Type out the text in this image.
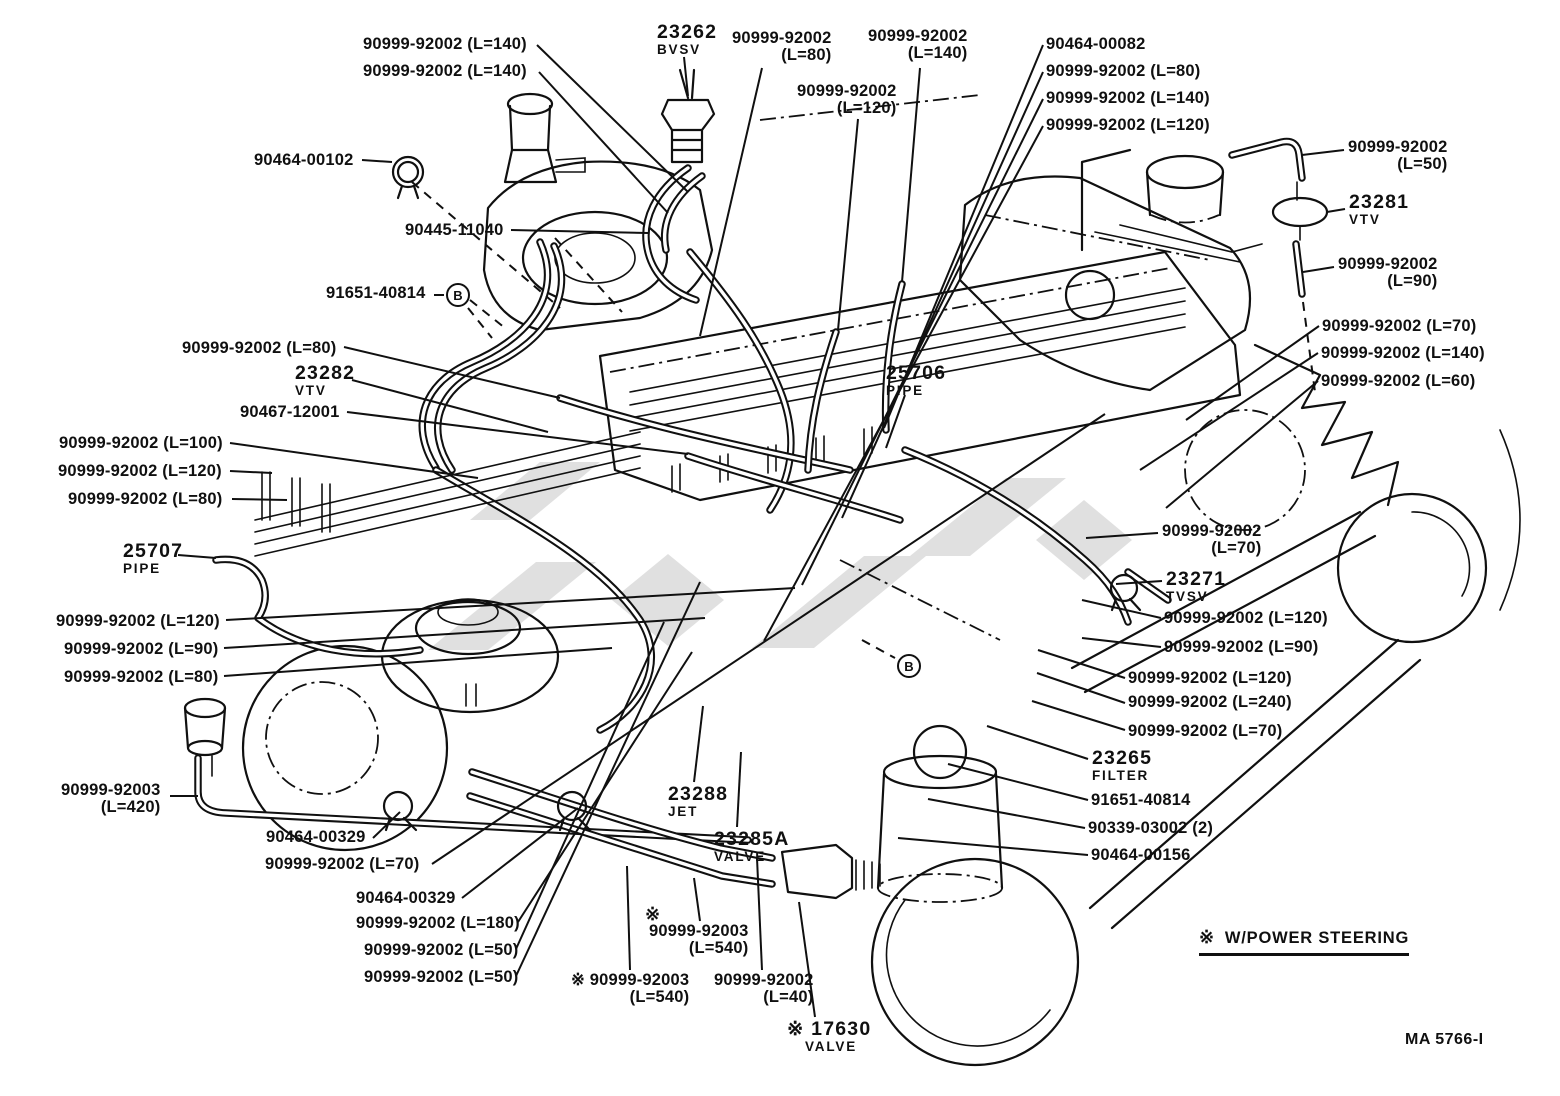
90999-92002 (L=140)
90999-92002 (L=140)
23262
BVSV
90999-92002
(L=80)
90999-92002
(L=140)
90999-92002
(L=120)
90464-00082
90999-92002 (L=80)
90999-92002 (L=140)
90999-92002 (L=120)
90999-92002
(L=50)
23281
VTV
90999-92002
(L=90)
90999-92002 (L=70)
90999-92002 (L=140)
90999-92002 (L=60)
90464-00102
90445-11040
91651-40814
90999-92002 (L=80)
23282
VTV
90467-12001
90999-92002 (L=100)
90999-92002 (L=120)
90999-92002 (L=80)
25707
PIPE
25706
PIPE
90999-92002 (L=120)
90999-92002 (L=90)
90999-92002 (L=80)
90999-92003
(L=420)
90464-00329
90999-92002 (L=70)
90464-00329
90999-92002 (L=180)
90999-92002 (L=50)
90999-92002 (L=50)
※
90999-92003
(L=540)
※ 90999-92003
(L=540)
90999-92002
(L=40)
※ 17630
VALVE
23288
JET
23285A
VALVE
90999-92002
(L=70)
23271
TVSV
90999-92002 (L=120)
90999-92002 (L=90)
90999-92002 (L=120)
90999-92002 (L=240)
90999-92002 (L=70)
23265
FILTER
91651-40814
90339-03002 (2)
90464-00156
B
B
※ W/POWER STEERING
MA 5766-I
